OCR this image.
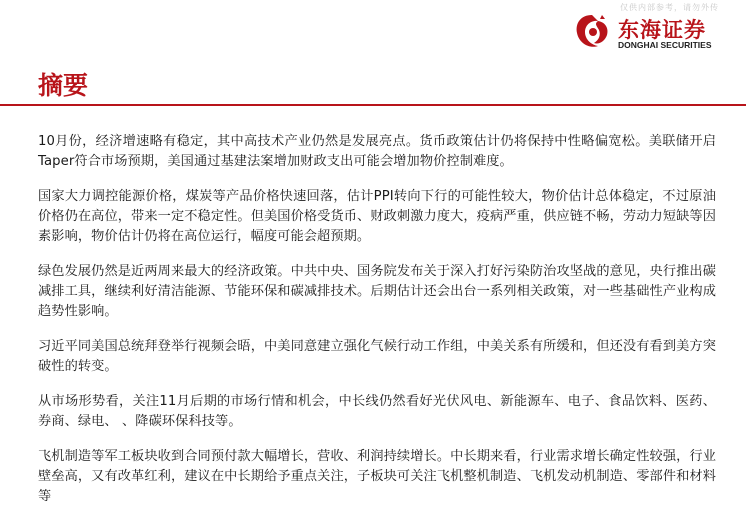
仅供内部参考，请勿外传
东海证券
DONGHAI SECURITIES
摘要

10月份，经济增速略有稳定，其中高技术产业仍然是发展亮点。货币政策估计仍将保持中性略偏宽松。美联储开启Taper符合市场预期，美国通过基建法案增加财政支出可能会增加物价控制难度。

国家大力调控能源价格，煤炭等产品价格快速回落，估计PPI转向下行的可能性较大，物价估计总体稳定，不过原油价格仍在高位，带来一定不稳定性。但美国价格受货币、财政刺激力度大，疫病严重，供应链不畅，劳动力短缺等因素影响，物价估计仍将在高位运行，幅度可能会超预期。

绿色发展仍然是近两周来最大的经济政策。中共中央、国务院发布关于深入打好污染防治攻坚战的意见，央行推出碳减排工具，继续利好清洁能源、节能环保和碳减排技术。后期估计还会出台一系列相关政策，对一些基础性产业构成趋势性影响。

习近平同美国总统拜登举行视频会晤，中美同意建立强化气候行动工作组，中美关系有所缓和，但还没有看到美方突破性的转变。

从市场形势看，关注11月后期的市场行情和机会，中长线仍然看好光伏风电、新能源车、电子、食品饮料、医药、券商、绿电、 、降碳环保科技等。

飞机制造等军工板块收到合同预付款大幅增长，营收、利润持续增长。中长期来看，行业需求增长确定性较强，行业壁垒高，又有改革红利，建议在中长期给予重点关注，子板块可关注飞机整机制造、飞机发动机制造、零部件和材料等
